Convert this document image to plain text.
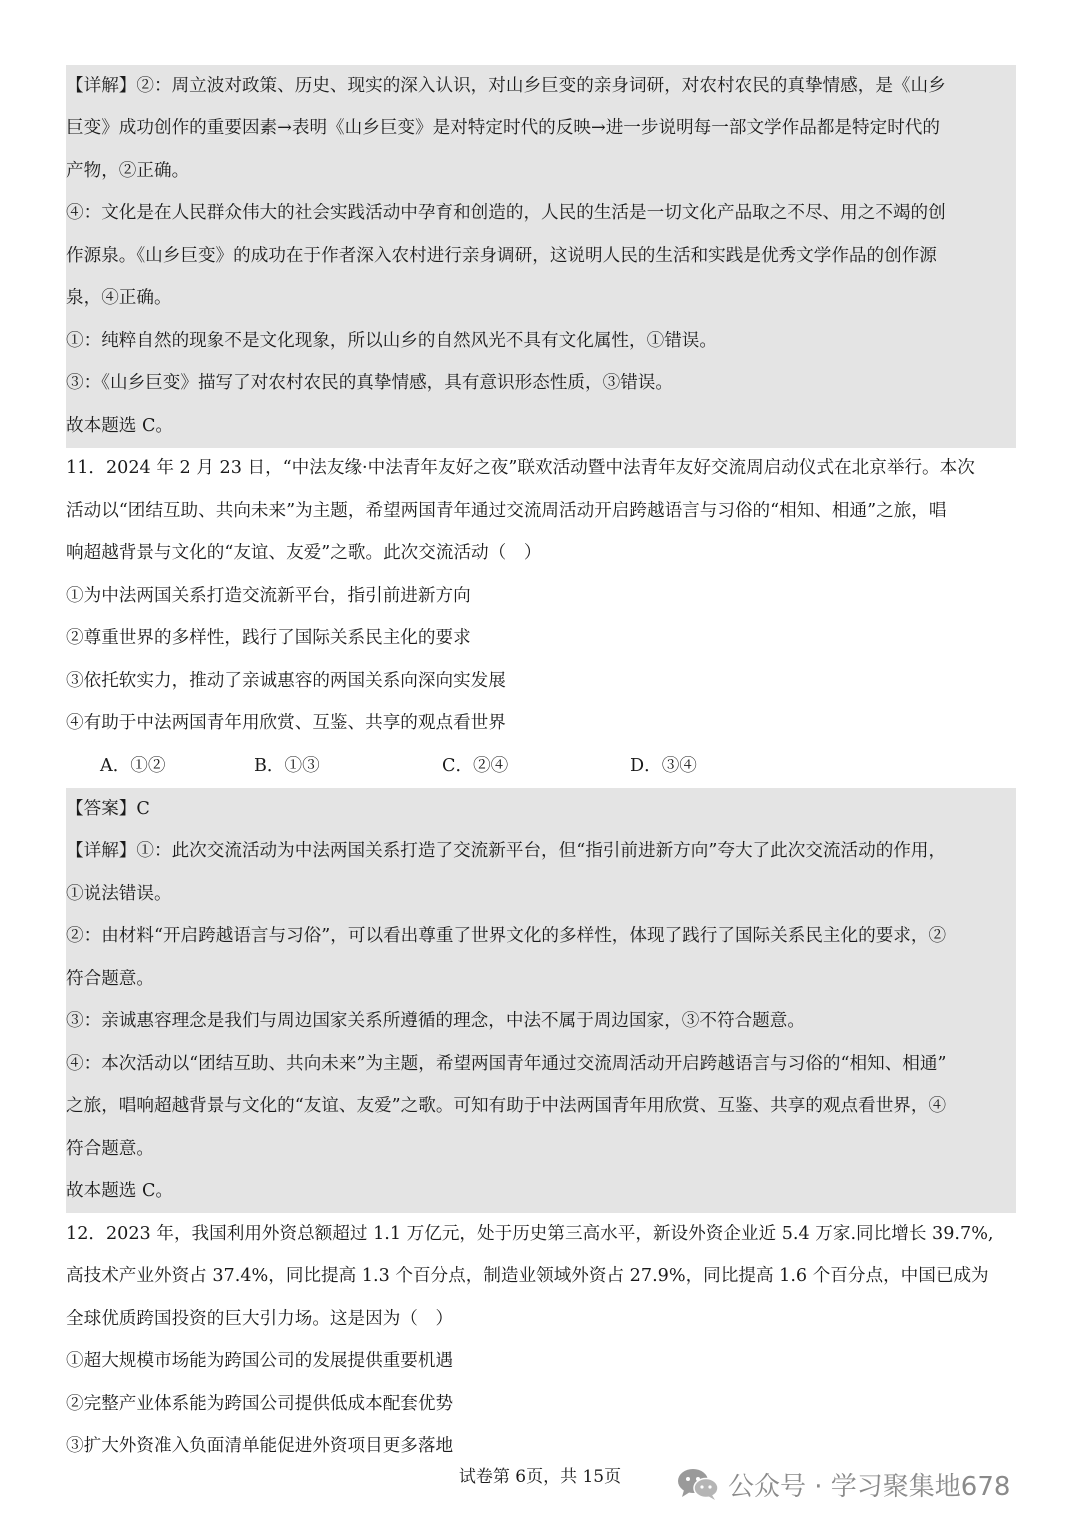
【详解】②：周立波对政策、历史、现实的深入认识，对山乡巨变的亲身词研，对农村农民的真挚情感，是《山乡
巨变》成功创作的重要因素→表明《山乡巨变》是对特定时代的反映→进一步说明每一部文学作品都是特定时代的
产物，②正确。
④：文化是在人民群众伟大的社会实践活动中孕育和创造的，人民的生活是一切文化产品取之不尽、用之不竭的创
作源泉。《山乡巨变》的成功在于作者深入农村进行亲身调研，这说明人民的生活和实践是优秀文学作品的创作源
泉，④正确。
①：纯粹自然的现象不是文化现象，所以山乡的自然风光不具有文化属性，①错误。
③：《山乡巨变》描写了对农村农民的真挚情感，具有意识形态性质，③错误。
故本题选 C。
11．2024 年 2 月 23 日，“中法友缘·中法青年友好之夜”联欢活动暨中法青年友好交流周启动仪式在北京举行。本次
活动以“团结互助、共向未来”为主题，希望两国青年通过交流周活动开启跨越语言与习俗的“相知、相通”之旅，唱
响超越背景与文化的“友谊、友爱”之歌。此次交流活动（　）
①为中法两国关系打造交流新平台，指引前进新方向
②尊重世界的多样性，践行了国际关系民主化的要求
③依托软实力，推动了亲诚惠容的两国关系向深向实发展
④有助于中法两国青年用欣赏、互鉴、共享的观点看世界
A．①②	B．①③	C．②④	D．③④
【答案】C
【详解】①：此次交流活动为中法两国关系打造了交流新平台，但“指引前进新方向”夸大了此次交流活动的作用，
①说法错误。
②：由材料“开启跨越语言与习俗”，可以看出尊重了世界文化的多样性，体现了践行了国际关系民主化的要求，②
符合题意。
③：亲诚惠容理念是我们与周边国家关系所遵循的理念，中法不属于周边国家，③不符合题意。
④：本次活动以“团结互助、共向未来”为主题，希望两国青年通过交流周活动开启跨越语言与习俗的“相知、相通”
之旅，唱响超越背景与文化的“友谊、友爱”之歌。可知有助于中法两国青年用欣赏、互鉴、共享的观点看世界，④
符合题意。
故本题选 C。
12．2023 年，我国利用外资总额超过 1.1 万亿元，处于历史第三高水平，新设外资企业近 5.4 万家.同比增长 39.7%,
高技术产业外资占 37.4%，同比提高 1.3 个百分点，制造业领域外资占 27.9%，同比提高 1.6 个百分点，中国已成为
全球优质跨国投资的巨大引力场。这是因为（　）
①超大规模市场能为跨国公司的发展提供重要机遇
②完整产业体系能为跨国公司提供低成本配套优势
③扩大外资准入负面清单能促进外资项目更多落地
试卷第 6页，共 15页	公众号 · 学习聚集地678
